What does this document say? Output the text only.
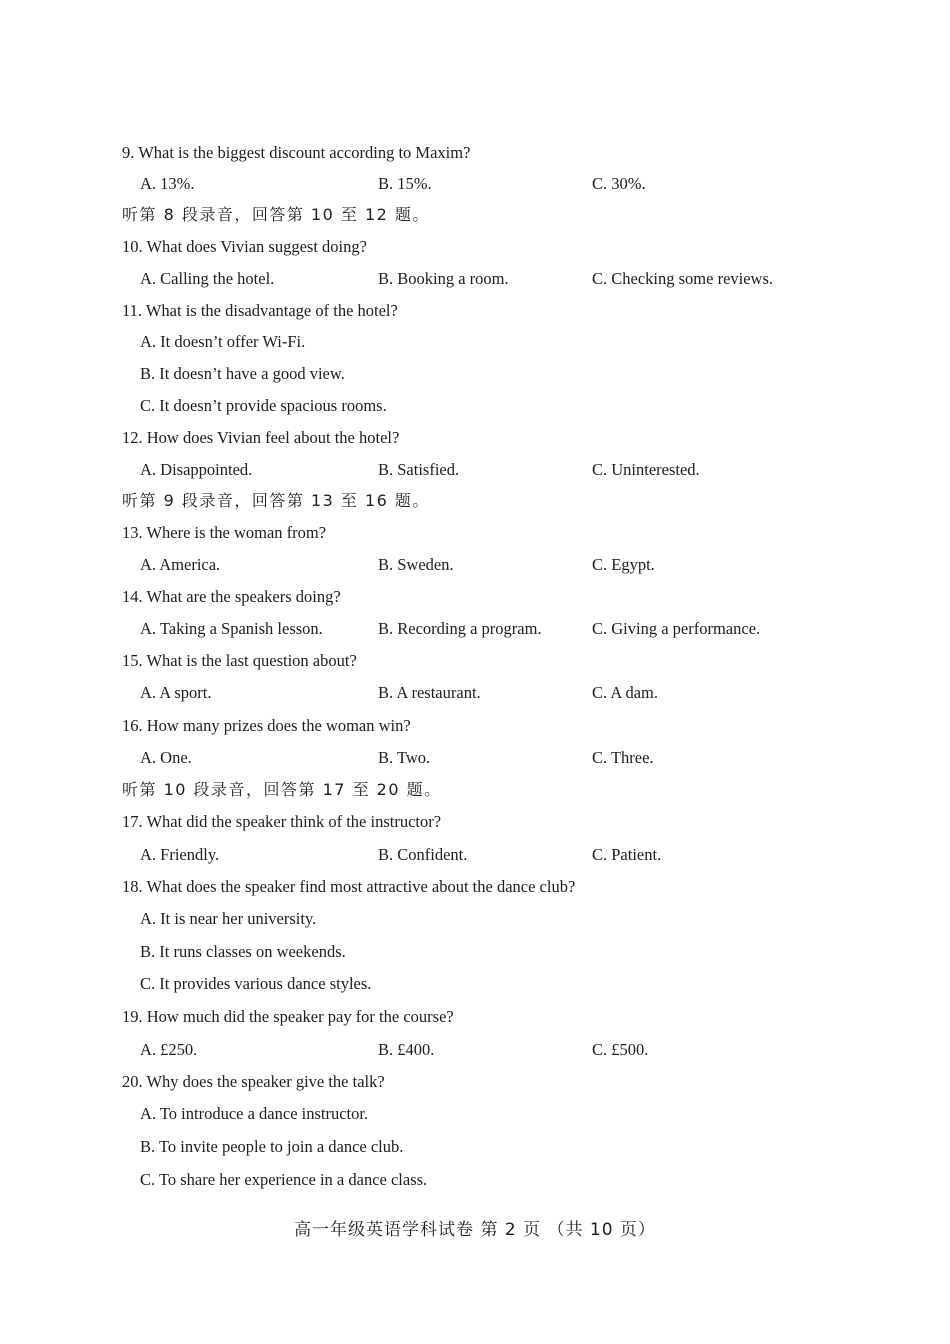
9. What is the biggest discount according to Maxim?
A. 13%.	B. 15%.	C. 30%.
听第 8 段录音，回答第 10 至 12 题。
10. What does Vivian suggest doing?
A. Calling the hotel.	B. Booking a room.	C. Checking some reviews.
11. What is the disadvantage of the hotel?
A. It doesn’t offer Wi-Fi.
B. It doesn’t have a good view.
C. It doesn’t provide spacious rooms.
12. How does Vivian feel about the hotel?
A. Disappointed.	B. Satisfied.	C. Uninterested.
听第 9 段录音，回答第 13 至 16 题。
13. Where is the woman from?
A. America.	B. Sweden.	C. Egypt.
14. What are the speakers doing?
A. Taking a Spanish lesson.	B. Recording a program.	C. Giving a performance.
15. What is the last question about?
A. A sport.	B. A restaurant.	C. A dam.
16. How many prizes does the woman win?
A. One.	B. Two.	C. Three.
听第 10 段录音，回答第 17 至 20 题。
17. What did the speaker think of the instructor?
A. Friendly.	B. Confident.	C. Patient.
18. What does the speaker find most attractive about the dance club?
A. It is near her university.
B. It runs classes on weekends.
C. It provides various dance styles.
19. How much did the speaker pay for the course?
A. £250.	B. £400.	C. £500.
20. Why does the speaker give the talk?
A. To introduce a dance instructor.
B. To invite people to join a dance club.
C. To share her experience in a dance class.
高一年级英语学科试卷 第 2 页 （共 10 页）
